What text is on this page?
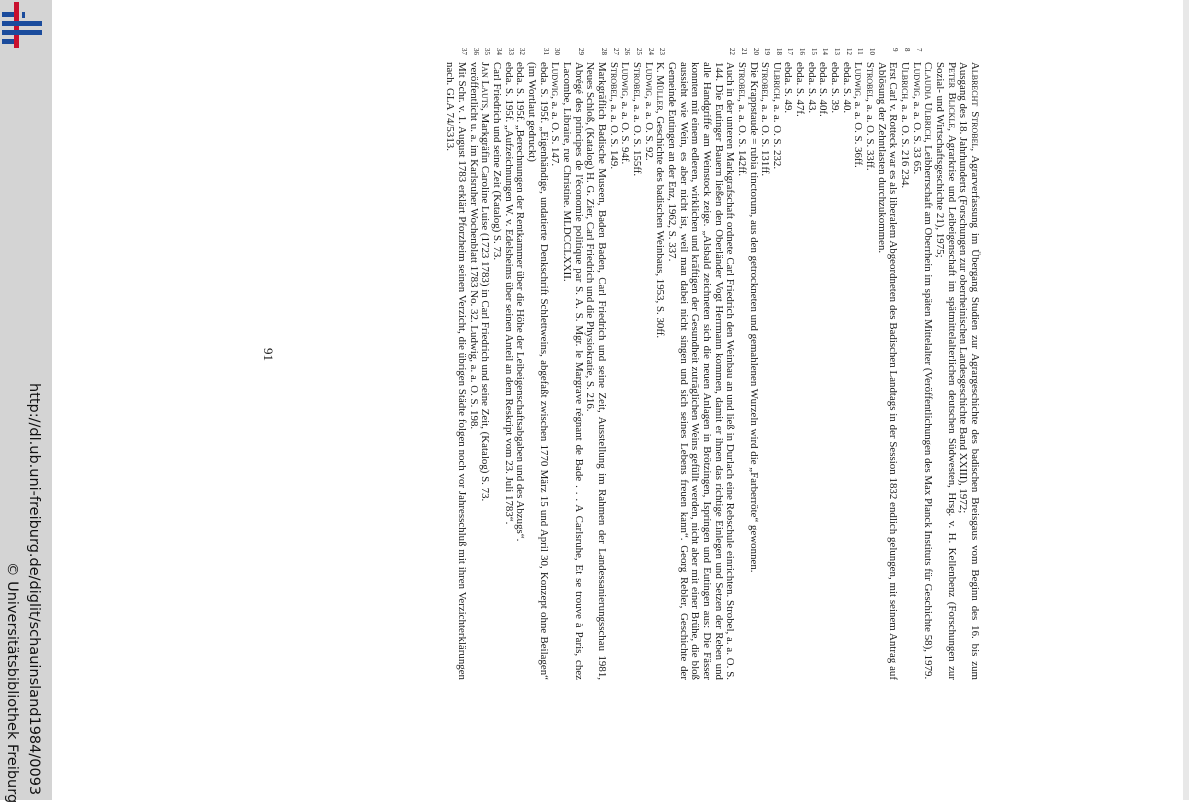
http://dl.ub.uni-freiburg.de/diglit/schauinsland1984/0093
© Universitätsbibliothek Freiburg

Albrecht Strobel, Agrarverfassung im Übergang Studien zur Agrargeschichte des badischen Breisgaus vom Beginn des 16. bis zum Ausgang des 18. Jahrhunderts (Forschungen zur oberrheinischen Landesgeschichte Band XXIII), 1972;

Peter Blickle, Agrarkrise und Leibeigenschaft im spätmittelalterlichen deutschen Südwesten, Hrsg. v. H. Kellenbenz (Forschungen zur Sozial- und Wirtschaftsgeschichte 21), 1975;

Claudia Ulbrich, Leibherrschaft am Oberrhein im späten Mittelalter (Veröffentlichungen des Max Planck Instituts für Geschichte 58), 1979.

7
Ludwig, a. a. O. S. 33 65.

8
Ulbrich, a. a. O. S. 216 234.

9
Erst Carl v. Rotteck war es als liberalem Abgeordneten des Badischen Landtags in der Session 1832 endlich gelungen, mit seinem Antrag auf Ablösung der Zehntlasten durchzukommen.

10
Strobel, a. a. O. S. 33ff.

11
Ludwig, a. a. O. S. 36ff.

12
ebda. S. 40.

13
ebda. S. 39.

14
ebda. S. 40f.

15
ebda. S. 43.

16
ebda. S. 47f.

17
ebda. S. 49.

18
Ulbrich, a. a. O. S. 232.

19
Strobel, a. a. O. S. 131ff.

20
Die Krappstaude = rubia tinctorum, aus den getrockneten und gemahlenen Wurzeln wird die „Farberröte“ gewonnen.

21
Strobel, a. a. O. S. 142ff.

22
Auch in der unteren Markgrafschaft ordnete Carl Friedrich den Weinbau an und ließ in Durlach eine Rebschule einrichten. Strobel, a. a. O. S. 144. Die Eutinger Bauern ließen den Oberländer Vogt Herrmann kommen, damit er ihnen das richtige Einlegen und Setzen der Reben und alle Handgriffe am Weinstock zeige. „Alsbald zeichneten sich die neuen Anlagen in Brötzingen, Ispringen und Eutingen aus: Die Fässer konnten mit einem edleren, wirklichen und kräftigen der Gesundheit zuträglichen Weins gefüllt werden, nicht aber mit einer Brühe, die bloß aussieht wie Wein, es aber nicht ist, weil man dabei nicht singen und sich seines Lebens freuen kann“. Georg Rebler, Geschichte der Gemeinde Eutingen an der Enz, 1962, S. 337.

23
K. Müller, Geschichte des badischen Weinbaus, 1953, S. 30ff.

24
Ludwig, a. a. O. S. 92.

25
Strobel, a. a. O. S. 155ff.

26
Ludwig, a. a. O. S. 94f.

27
Strobel, a. a. O. S. 149.

28
Markgräflich Badische Museen, Baden Baden, Carl Friedrich und seine Zeit, Ausstellung im Rahmen der Landessanierungsschau 1981, Neues Schloß, (Katalog) H. G. Zier, Carl Friedrich und die Physiokratie, S. 216.

29
Abrégé des principes de l'économie politique par S. A. S. Mgr. le Margrave régnant de Bade . . . A Carlsruhe, Et se trouve à Paris, chez Lacombe, Libraire, rue Christine. MLDCCLXXII.

30
Ludwig, a. a. O. S. 147.

31
ebda. S. 195f. „Eigenhändige, undatierte Denkschrift Schlettweins, abgefaßt zwischen 1770 März 15 und April 30, Konzept ohne Beilagen“ (im Wortlaut gedruckt)

32
ebda. S. 195f. „Berechnungen der Rentkammer über die Höhe der Leibeigenschaftsabgaben und des Abzugs“.

33
ebda. S. 195f. „Aufzeichnungen W. v. Edelsheims über seinen Anteil an dem Reskript vom 23. Juli 1783“.

34
Carl Friedrich und seine Zeit (Katalog) S. 73.

35
Jan Lauts, Markgräfin Caroline Luise (1723 1783) in Carl Friedrich und seine Zeit, (Katalog) S. 73.

36
veröffentlicht u. a. im Karlsruher Wochenblatt 1783 No. 32. Ludwig, a. a. O. S. 198.

37
Mit Schr. v. 1. August 1783 erklärt Pforzheim seinen Verzicht, die übrigen Städte folgen noch vor Jahresschluß mit ihren Verzichterklärungen nach. GLA 74/5313.

91
